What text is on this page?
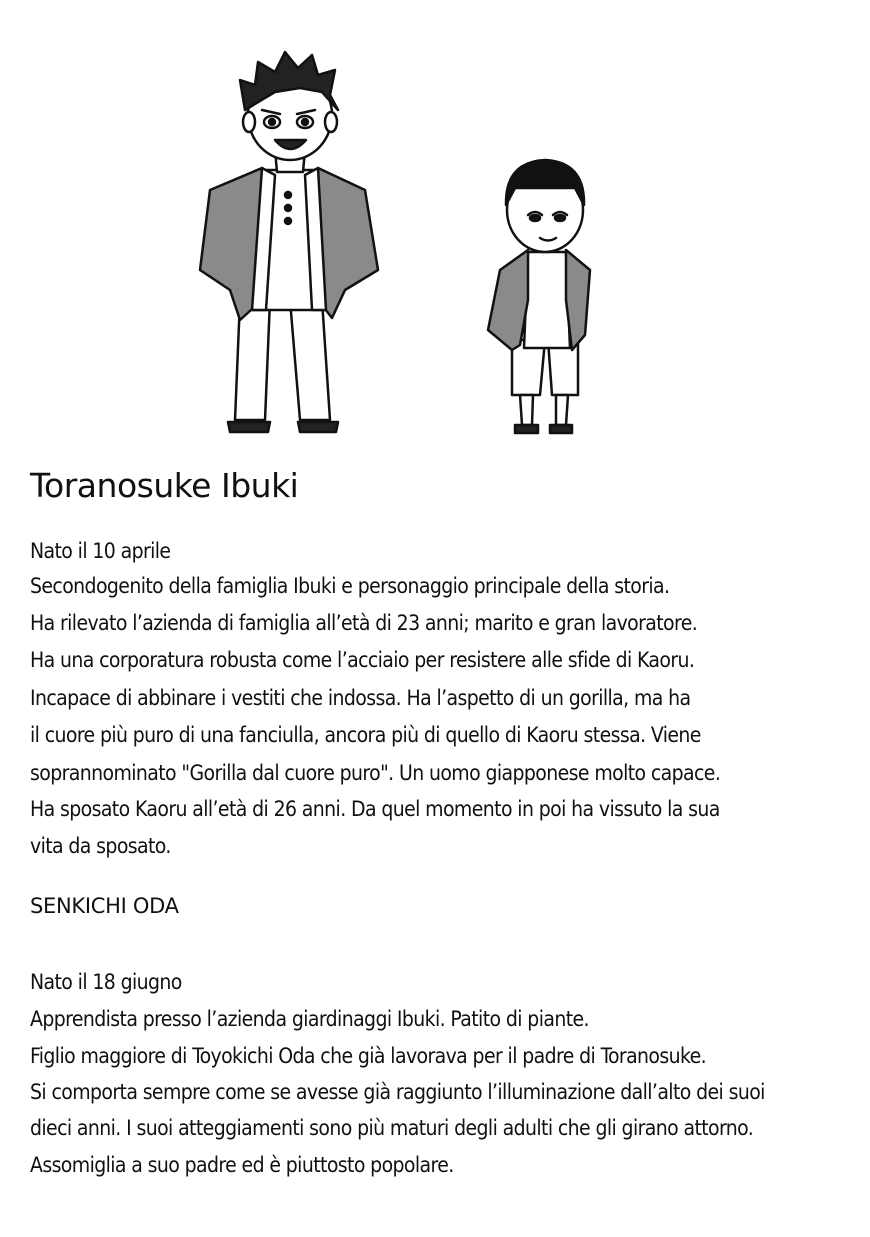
Toranosuke Ibuki
Nato il 10 aprile
Secondogenito della famiglia Ibuki e personaggio principale della storia.
Ha rilevato l’azienda di famiglia all’età di 23 anni; marito e gran lavoratore.
Ha una corporatura robusta come l’acciaio per resistere alle sfide di Kaoru.
Incapace di abbinare i vestiti che indossa. Ha l’aspetto di un gorilla, ma ha
il cuore più puro di una fanciulla, ancora più di quello di Kaoru stessa. Viene
soprannominato "Gorilla dal cuore puro". Un uomo giapponese molto capace.
Ha sposato Kaoru all’età di 26 anni. Da quel momento in poi ha vissuto la sua
vita da sposato.
SENKICHI ODA
Nato il 18 giugno
Apprendista presso l’azienda giardinaggi Ibuki. Patito di piante.
Figlio maggiore di Toyokichi Oda che già lavorava per il padre di Toranosuke.
Si comporta sempre come se avesse già raggiunto l’illuminazione dall’alto dei suoi
dieci anni. I suoi atteggiamenti sono più maturi degli adulti che gli girano attorno.
Assomiglia a suo padre ed è piuttosto popolare.
